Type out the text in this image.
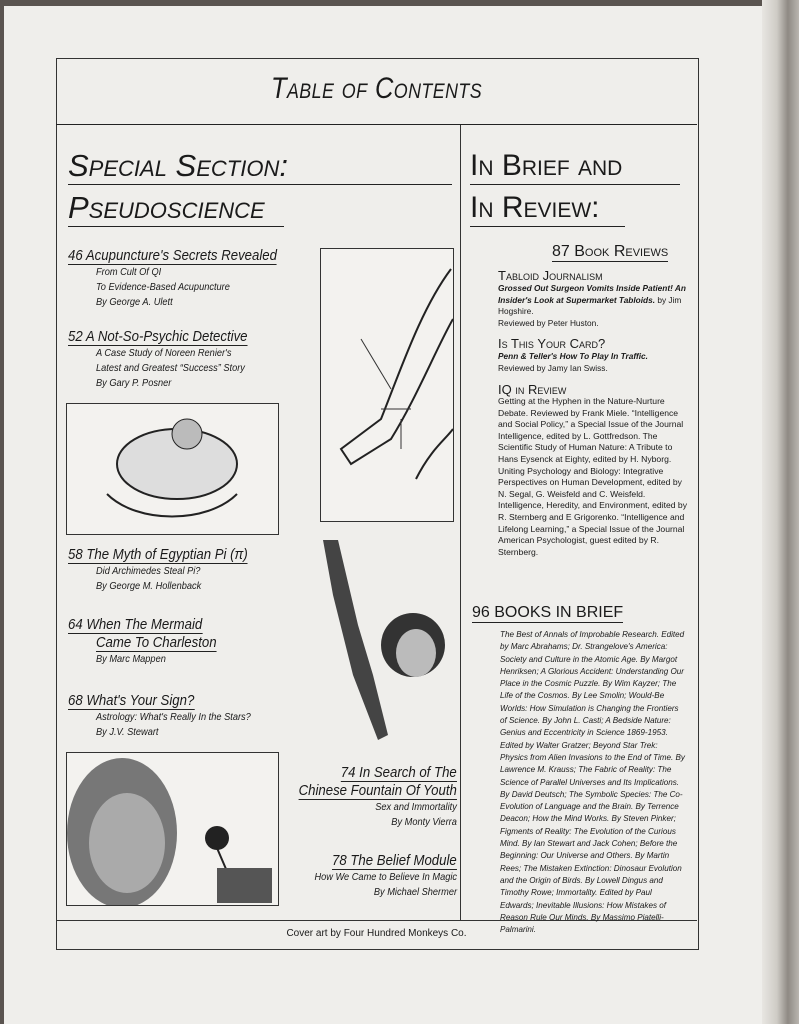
Table of Contents
Cover art by Four Hundred Monkeys Co.
Special Section:
Pseudoscience
46 Acupuncture's Secrets Revealed
From Cult Of QI
To Evidence-Based Acupuncture
By George A. Ulett
52 A Not-So-Psychic Detective
A Case Study of Noreen Renier's
Latest and Greatest “Success” Story
By Gary P. Posner
58 The Myth of Egyptian Pi (π)
Did Archimedes Steal Pi?
By George M. Hollenback
64 When The Mermaid
Came To Charleston
By Marc Mappen
68 What's Your Sign?
Astrology: What's Really In the Stars?
By J.V. Stewart
74 In Search of The
Chinese Fountain Of Youth
Sex and Immortality
By Monty Vierra
78 The Belief Module
How We Came to Believe In Magic
By Michael Shermer
In Brief and
In Review:
87 Book Reviews
Tabloid Journalism
Grossed Out Surgeon Vomits Inside Patient! An Insider's Look at Supermarket Tabloids. by Jim Hogshire.
Reviewed by Peter Huston.
Is This Your Card?
Penn & Teller's How To Play In Traffic.
Reviewed by Jamy Ian Swiss.
IQ in Review
Getting at the Hyphen in the Nature-Nurture Debate. Reviewed by Frank Miele. “Intelligence and Social Policy,” a Special Issue of the Journal Intelligence, edited by L. Gottfredson. The Scientific Study of Human Nature: A Tribute to Hans Eysenck at Eighty, edited by H. Nyborg. Uniting Psychology and Biology: Integrative Perspectives on Human Development, edited by N. Segal, G. Weisfeld and C. Weisfeld. Intelligence, Heredity, and Environment, edited by R. Sternberg and E Grigorenko. “Intelligence and Lifelong Learning,” a Special Issue of the Journal American Psychologist, guest edited by R. Sternberg.
96 BOOKS IN BRIEF
The Best of Annals of Improbable Research. Edited by Marc Abrahams; Dr. Strangelove's America: Society and Culture in the Atomic Age. By Margot Henriksen; A Glorious Accident: Understanding Our Place in the Cosmic Puzzle. By Wim Kayzer; The Life of the Cosmos. By Lee Smolin; Would-Be Worlds: How Simulation is Changing the Frontiers of Science. By John L. Casti; A Bedside Nature: Genius and Eccentricity in Science 1869-1953. Edited by Walter Gratzer; Beyond Star Trek: Physics from Alien Invasions to the End of Time. By Lawrence M. Krauss; The Fabric of Reality: The Science of Parallel Universes and Its Implications. By David Deutsch; The Symbolic Species: The Co-Evolution of Language and the Brain. By Terrence Deacon; How the Mind Works. By Steven Pinker; Figments of Reality: The Evolution of the Curious Mind. By Ian Stewart and Jack Cohen; Before the Beginning: Our Universe and Others. By Martin Rees; The Mistaken Extinction: Dinosaur Evolution and the Origin of Birds. By Lowell Dingus and Timothy Rowe; Immortality. Edited by Paul Edwards; Inevitable Illusions: How Mistakes of Reason Rule Our Minds. By Massimo Piatelli-Palmarini.
